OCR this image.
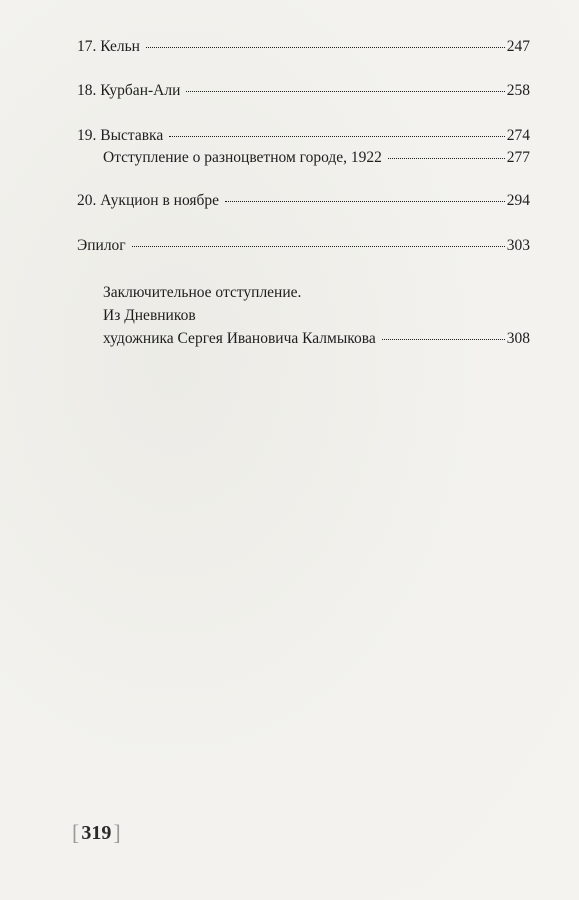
17. Кельн	247
18. Курбан-Али	258
19. Выставка	274
Отступление о разноцветном городе, 1922	277
20. Аукцион в ноябре	294
Эпилог	303
Заключительное отступление.
Из Дневников
художника Сергея Ивановича Калмыкова	308
[ 319 ]
